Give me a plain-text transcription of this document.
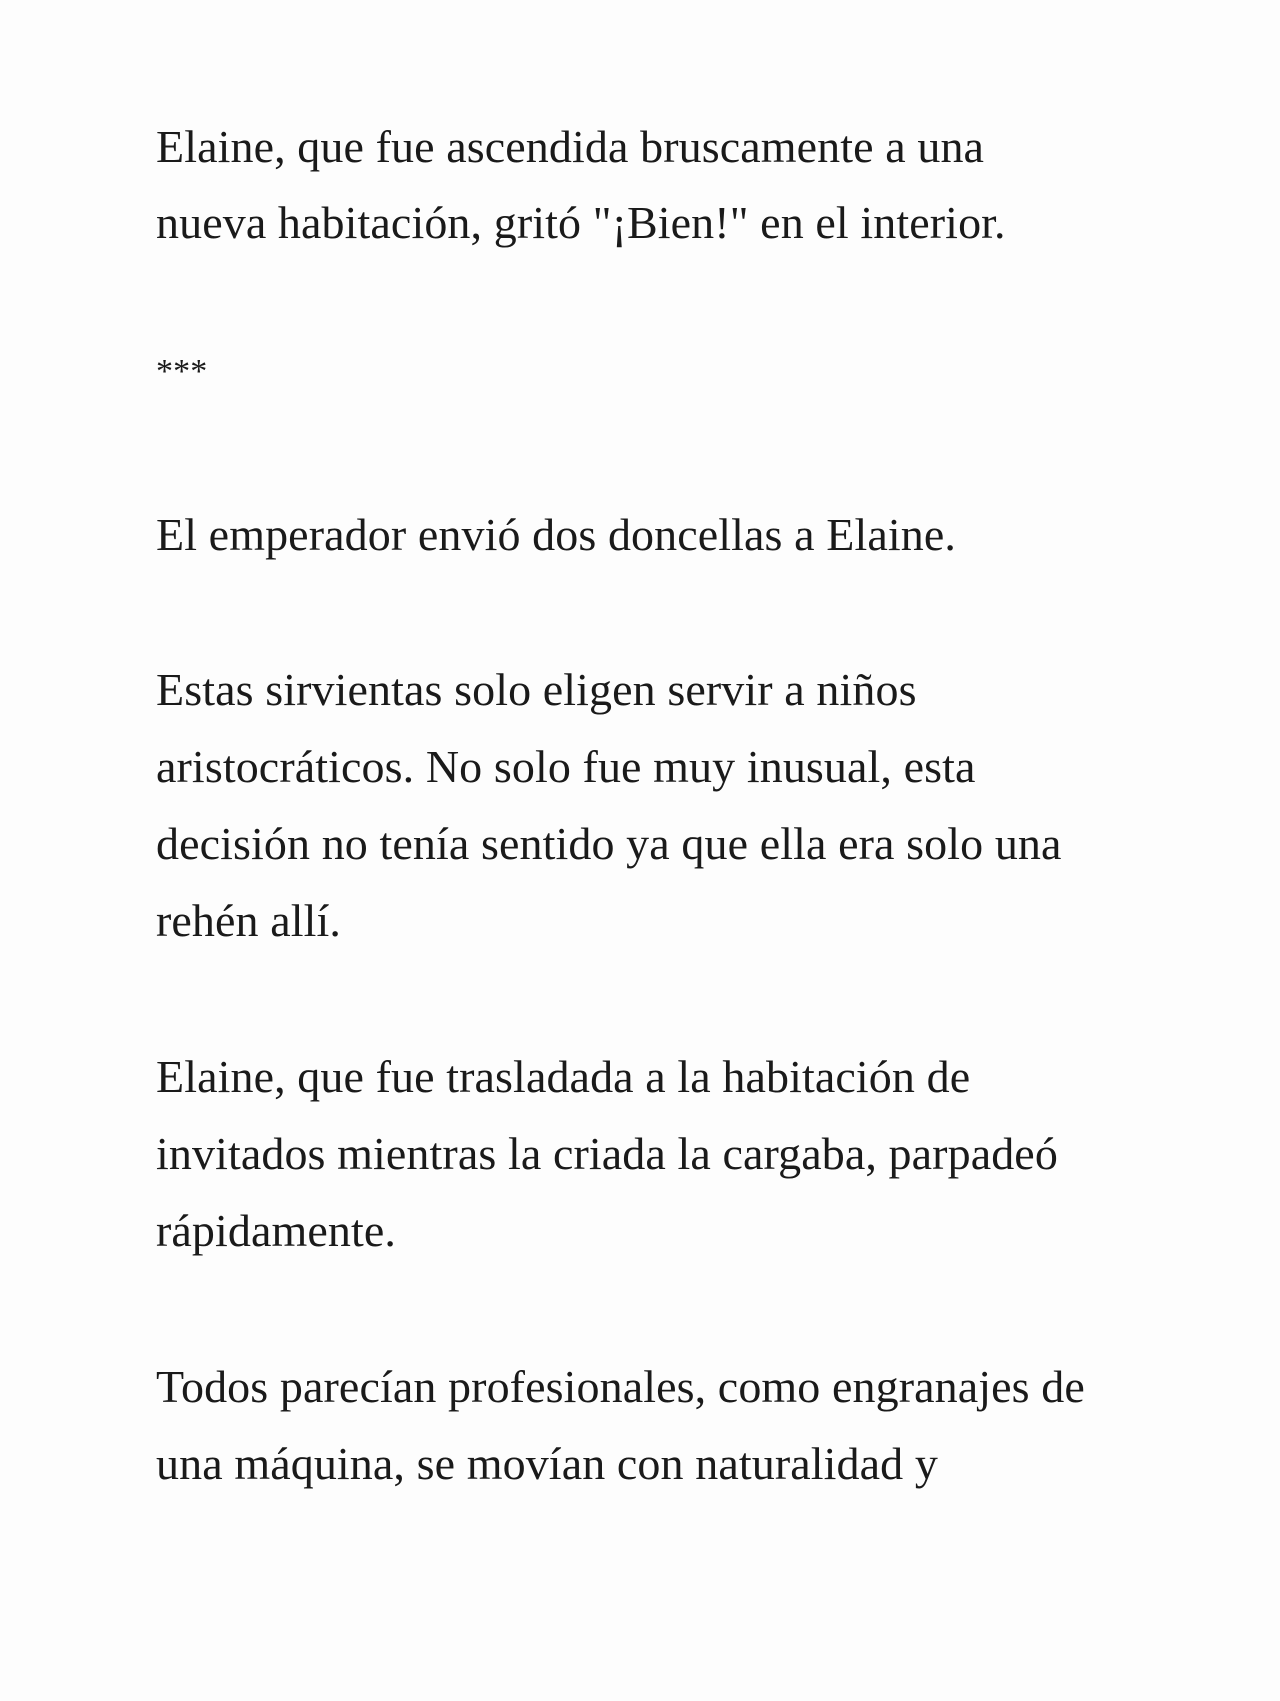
Elaine, que fue ascendida bruscamente a una
nueva habitación, gritó "¡Bien!" en el interior.
***
El emperador envió dos doncellas a Elaine.
Estas sirvientas solo eligen servir a niños
aristocráticos. No solo fue muy inusual, esta
decisión no tenía sentido ya que ella era solo una
rehén allí.
Elaine, que fue trasladada a la habitación de
invitados mientras la criada la cargaba, parpadeó
rápidamente.
Todos parecían profesionales, como engranajes de
una máquina, se movían con naturalidad y
